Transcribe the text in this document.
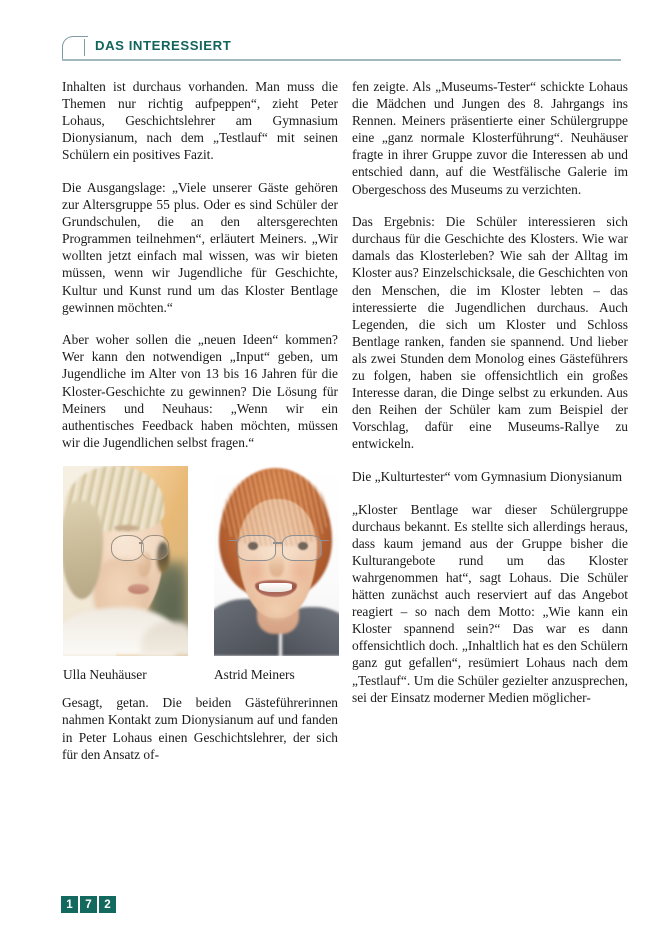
DAS INTERESSIERT

Inhalten ist durchaus vorhanden. Man muss die Themen nur richtig aufpeppen“, zieht Peter Lohaus, Geschichtslehrer am Gymnasium Dionysianum, nach dem „Testlauf“ mit seinen Schülern ein positives Fazit.

Die Ausgangslage: „Viele unserer Gäste gehören zur Altersgruppe 55 plus. Oder es sind Schüler der Grundschulen, die an den altersgerechten Programmen teilnehmen“, erläutert Meiners. „Wir wollten jetzt einfach mal wissen, was wir bieten müssen, wenn wir Jugendliche für Geschichte, Kultur und Kunst rund um das Kloster Bentlage gewinnen möchten.“

Aber woher sollen die „neuen Ideen“ kommen? Wer kann den notwendigen „Input“ geben, um Jugendliche im Alter von 13 bis 16 Jahren für die Kloster-Geschichte zu gewinnen? Die Lösung für Meiners und Neuhaus: „Wenn wir ein authentisches Feedback haben möchten, müssen wir die Jugendlichen selbst fragen.“

Ulla Neuhäuser	Astrid Meiners

Gesagt, getan. Die beiden Gästeführerinnen nahmen Kontakt zum Dionysianum auf und fanden in Peter Lohaus einen Geschichtslehrer, der sich für den Ansatz of-

fen zeigte. Als „Museums-Tester“ schickte Lohaus die Mädchen und Jungen des 8. Jahrgangs ins Rennen. Meiners präsentierte einer Schülergruppe eine „ganz normale Klosterführung“. Neuhäuser fragte in ihrer Gruppe zuvor die Interessen ab und entschied dann, auf die Westfälische Galerie im Obergeschoss des Museums zu verzichten.

Das Ergebnis: Die Schüler interessieren sich durchaus für die Geschichte des Klosters. Wie war damals das Klosterleben? Wie sah der Alltag im Kloster aus? Einzelschicksale, die Geschichten von den Menschen, die im Kloster lebten – das interessierte die Jugendlichen durchaus. Auch Legenden, die sich um Kloster und Schloss Bentlage ranken, fanden sie spannend. Und lieber als zwei Stunden dem Monolog eines Gästeführers zu folgen, haben sie offensichtlich ein großes Interesse daran, die Dinge selbst zu erkunden. Aus den Reihen der Schüler kam zum Beispiel der Vorschlag, dafür eine Museums-Rallye zu entwickeln.

Die „Kulturtester“ vom Gymnasium Dionysianum

„Kloster Bentlage war dieser Schülergruppe durchaus bekannt. Es stellte sich allerdings heraus, dass kaum jemand aus der Gruppe bisher die Kulturangebote rund um das Kloster wahrgenommen hat“, sagt Lohaus. Die Schüler hätten zunächst auch reserviert auf das Angebot reagiert – so nach dem Motto: „Wie kann ein Kloster spannend sein?“ Das war es dann offensichtlich doch. „Inhaltlich hat es den Schülern ganz gut gefallen“, resümiert Lohaus nach dem „Testlauf“. Um die Schüler gezielter anzusprechen, sei der Einsatz moderner Medien möglicher-

1	7	2
